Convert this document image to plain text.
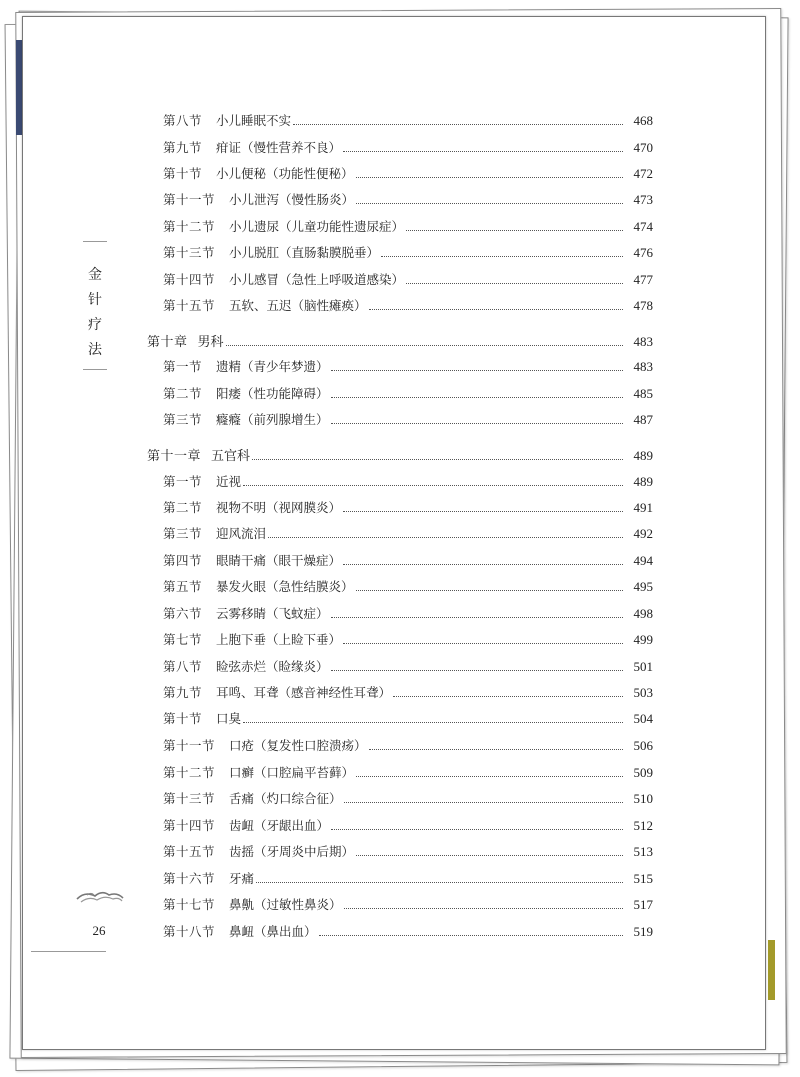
金
针
疗
法
26
第八节 小儿睡眠不实	468
第九节 疳证（慢性营养不良）	470
第十节 小儿便秘（功能性便秘）	472
第十一节 小儿泄泻（慢性肠炎）	473
第十二节 小儿遗尿（儿童功能性遗尿症）	474
第十三节 小儿脱肛（直肠黏膜脱垂）	476
第十四节 小儿感冒（急性上呼吸道感染）	477
第十五节 五软、五迟（脑性瘫痪）	478
第十章 男科	483
第一节 遗精（青少年梦遗）	483
第二节 阳痿（性功能障碍）	485
第三节 癃癃（前列腺增生）	487
第十一章 五官科	489
第一节 近视	489
第二节 视物不明（视网膜炎）	491
第三节 迎风流泪	492
第四节 眼睛干痛（眼干燥症）	494
第五节 暴发火眼（急性结膜炎）	495
第六节 云雾移睛（飞蚊症）	498
第七节 上胞下垂（上睑下垂）	499
第八节 睑弦赤烂（睑缘炎）	501
第九节 耳鸣、耳聋（感音神经性耳聋）	503
第十节 口臭	504
第十一节 口疮（复发性口腔溃疡）	506
第十二节 口癣（口腔扁平苔藓）	509
第十三节 舌痛（灼口综合征）	510
第十四节 齿衄（牙龈出血）	512
第十五节 齿摇（牙周炎中后期）	513
第十六节 牙痛	515
第十七节 鼻鼽（过敏性鼻炎）	517
第十八节 鼻衄（鼻出血）	519
